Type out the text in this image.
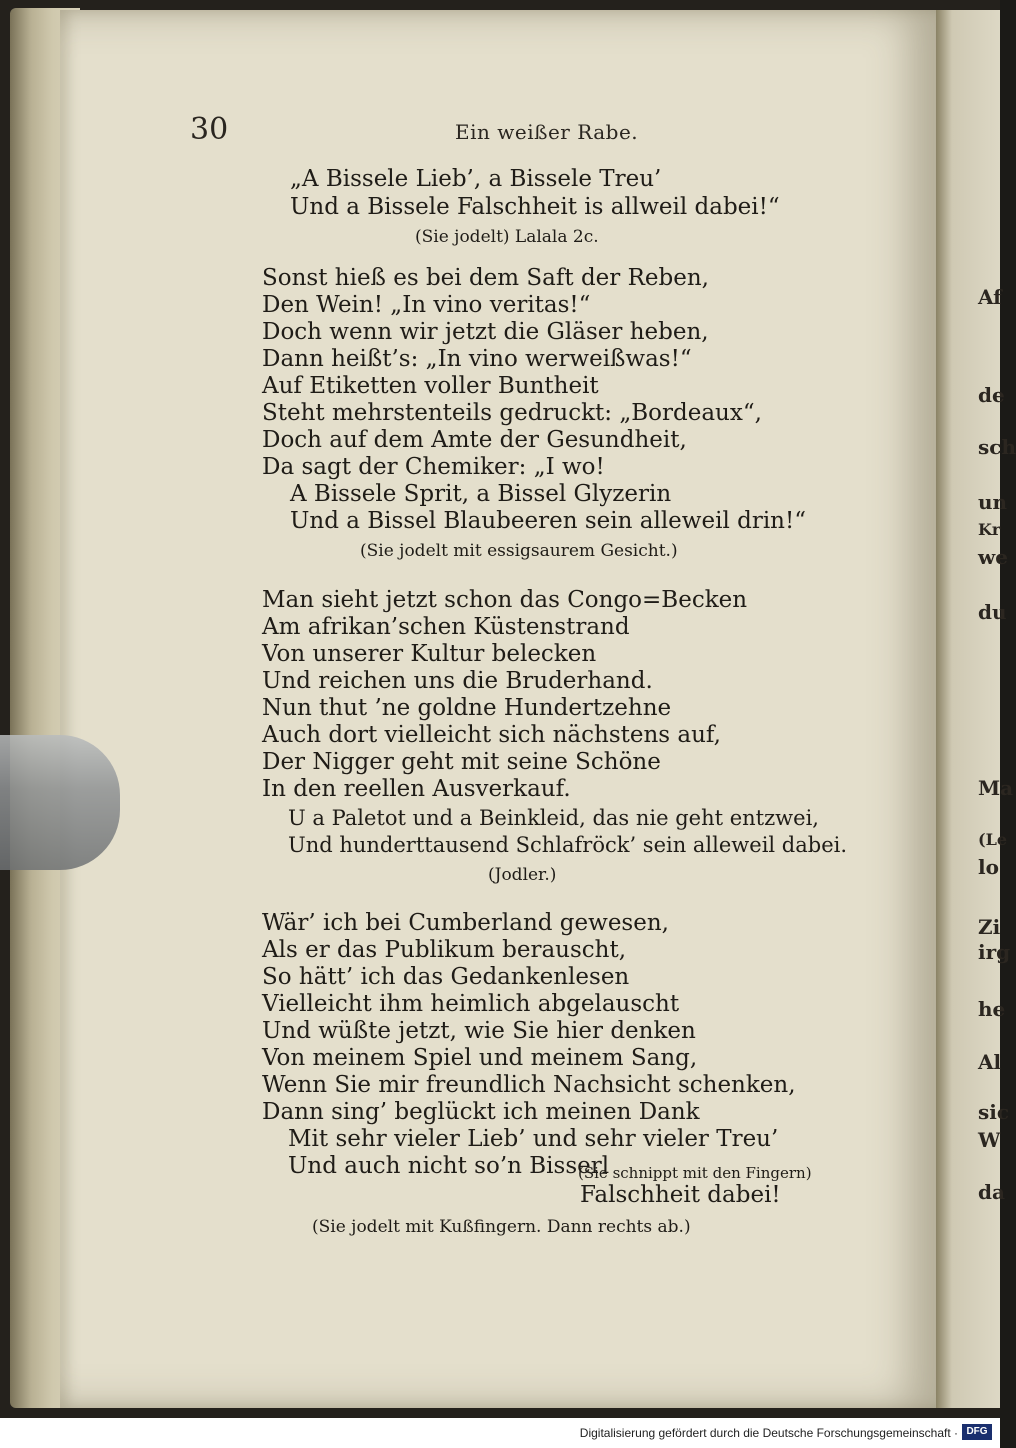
Af
de
sch
un
Kr
we
du
Ma
(Le
lo
Zi
irg
he
Al
sic
W
da
30	Ein weißer Rabe.
„A Bissele Lieb’, a Bissele Treu’
Und a Bissele Falschheit is allweil dabei!“
(Sie jodelt) Lalala 2c.
Sonst hieß es bei dem Saft der Reben,
Den Wein! „In vino veritas!“
Doch wenn wir jetzt die Gläser heben,
Dann heißt’s: „In vino werweißwas!“
Auf Etiketten voller Buntheit
Steht mehrstenteils gedruckt: „Bordeaux“,
Doch auf dem Amte der Gesundheit,
Da sagt der Chemiker: „I wo!
A Bissele Sprit, a Bissel Glyzerin
Und a Bissel Blaubeeren sein alleweil drin!“
(Sie jodelt mit essigsaurem Gesicht.)
Man sieht jetzt schon das Congo=Becken
Am afrikan’schen Küstenstrand
Von unserer Kultur belecken
Und reichen uns die Bruderhand.
Nun thut ’ne goldne Hundertzehne
Auch dort vielleicht sich nächstens auf,
Der Nigger geht mit seine Schöne
In den reellen Ausverkauf.
U a Paletot und a Beinkleid, das nie geht entzwei,
Und hunderttausend Schlafröck’ sein alleweil dabei.
(Jodler.)
Wär’ ich bei Cumberland gewesen,
Als er das Publikum berauscht,
So hätt’ ich das Gedankenlesen
Vielleicht ihm heimlich abgelauscht
Und wüßte jetzt, wie Sie hier denken
Von meinem Spiel und meinem Sang,
Wenn Sie mir freundlich Nachsicht schenken,
Dann sing’ beglückt ich meinen Dank
Mit sehr vieler Lieb’ und sehr vieler Treu’
Und auch nicht so’n Bisserl
(Sie schnippt mit den Fingern)
Falschheit dabei!
(Sie jodelt mit Kußfingern. Dann rechts ab.)
Digitalisierung gefördert durch die Deutsche Forschungsgemeinschaft · DFG
